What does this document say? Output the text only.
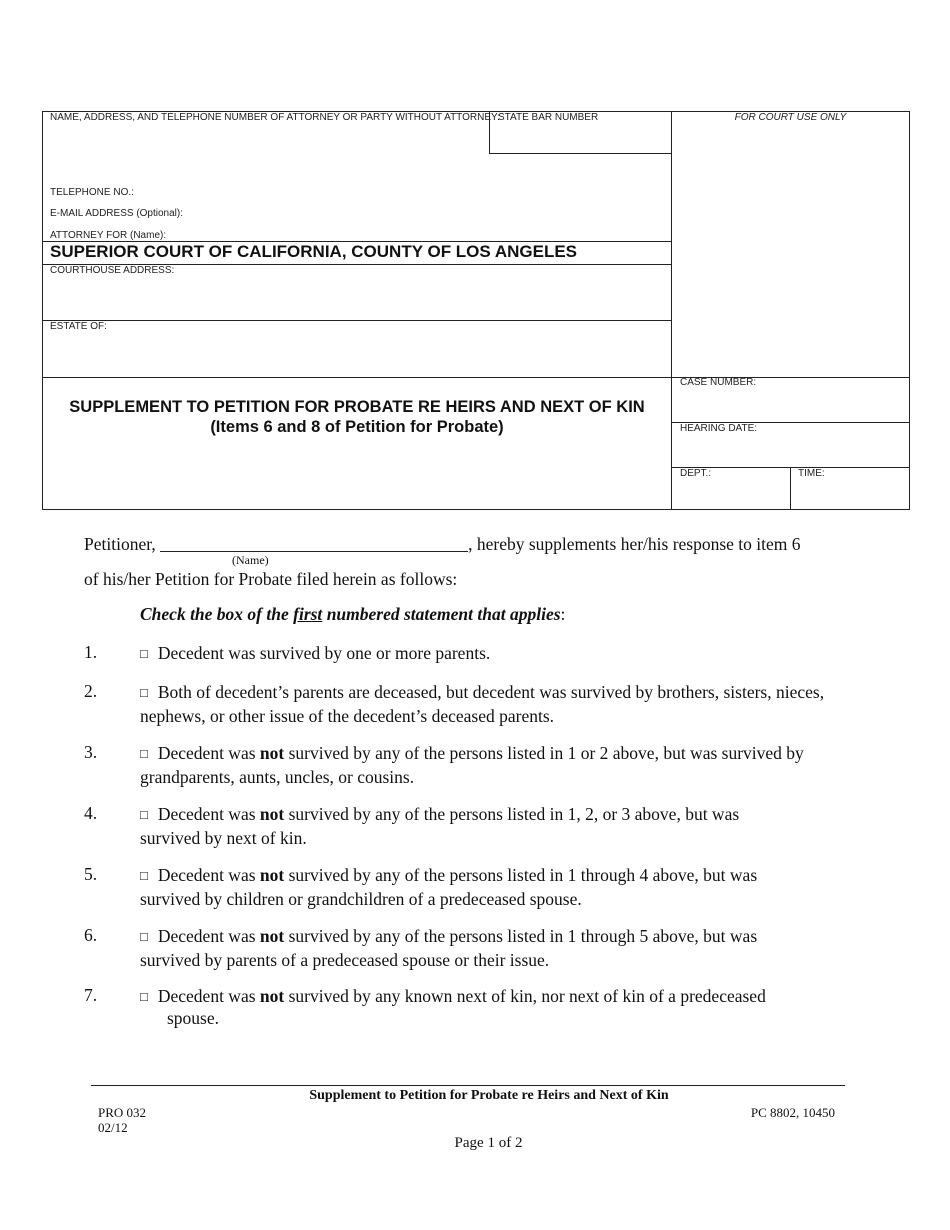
NAME, ADDRESS, AND TELEPHONE NUMBER OF ATTORNEY OR PARTY WITHOUT ATTORNEY:
STATE BAR NUMBER	FOR COURT USE ONLY
TELEPHONE NO.:
E-MAIL ADDRESS (Optional):
ATTORNEY FOR (Name):
SUPERIOR COURT OF CALIFORNIA, COUNTY OF LOS ANGELES
COURTHOUSE ADDRESS:
ESTATE OF:
CASE NUMBER:
HEARING DATE:
DEPT.:	TIME:
SUPPLEMENT TO PETITION FOR PROBATE RE HEIRS AND NEXT OF KIN
(Items 6 and 8 of Petition for Probate)
Petitioner,	, hereby supplements her/his response to item 6
(Name)
of his/her Petition for Probate filed herein as follows:
Check the box of the first numbered statement that applies:
1.	□ Decedent was survived by one or more parents.
2.	□ Both of decedent’s parents are deceased, but decedent was survived by brothers, sisters, nieces, nephews, or other issue of the decedent’s deceased parents.
3.	□ Decedent was not survived by any of the persons listed in 1 or 2 above, but was survived by grandparents, aunts, uncles, or cousins.
4.	□ Decedent was not survived by any of the persons listed in 1, 2, or 3 above, but was survived by next of kin.
5.	□ Decedent was not survived by any of the persons listed in 1 through 4 above, but was survived by children or grandchildren of a predeceased spouse.
6.	□ Decedent was not survived by any of the persons listed in 1 through 5 above, but was survived by parents of a predeceased spouse or their issue.
7.	□ Decedent was not survived by any known next of kin, nor next of kin of a predeceased
spouse.
Supplement to Petition for Probate re Heirs and Next of Kin
PRO 032
02/12
PC 8802, 10450
Page 1 of 2
